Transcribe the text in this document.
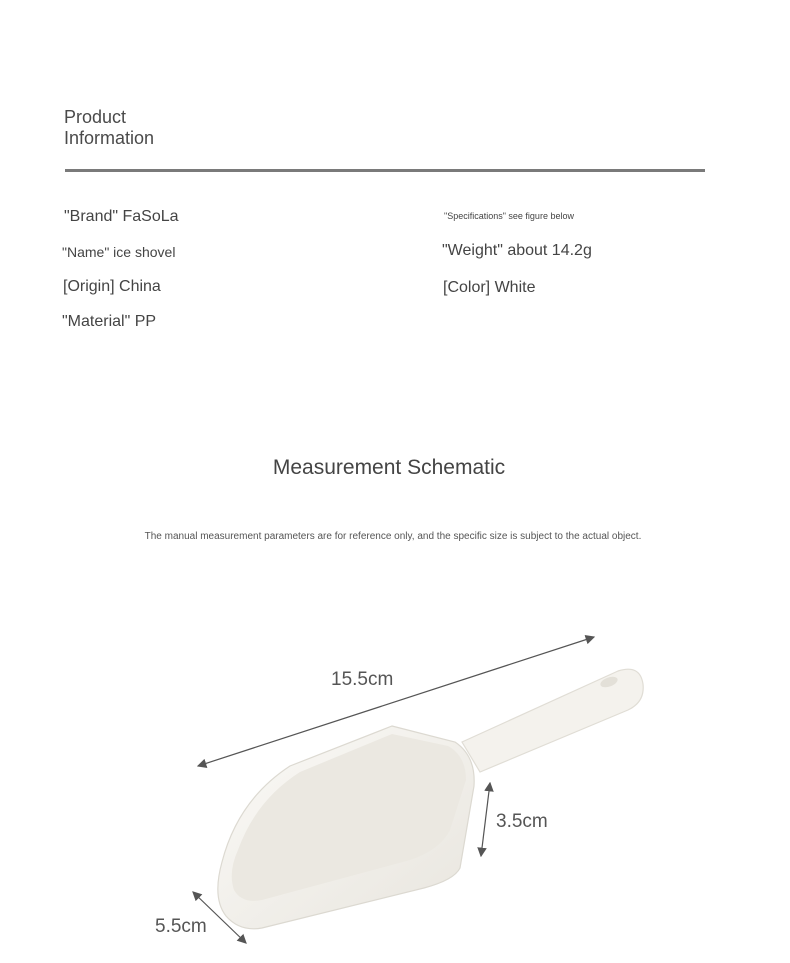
Product
Information
"Brand" FaSoLa
"Name" ice shovel
[Origin] China
"Material" PP
"Specifications" see figure below
"Weight" about 14.2g
[Color] White
Measurement Schematic
The manual measurement parameters are for reference only, and the specific size is subject to the actual object.
15.5cm
3.5cm
5.5cm
